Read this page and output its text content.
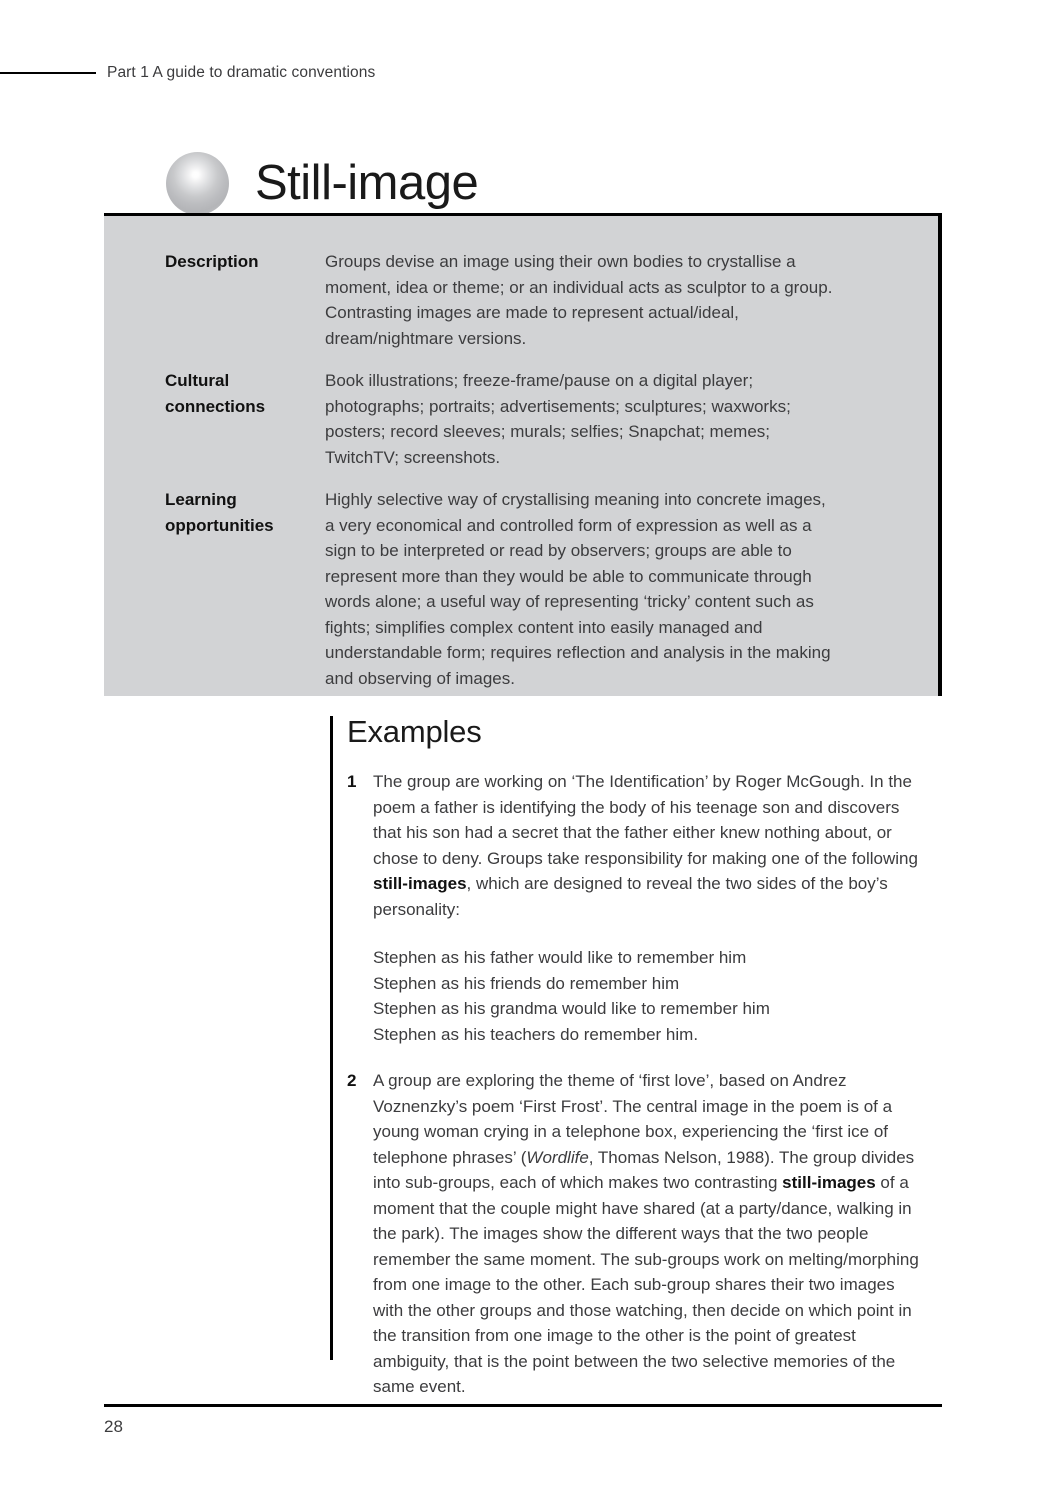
Part 1 A guide to dramatic conventions
Still-image
Description	Groups devise an image using their own bodies to crystallise a moment, idea or theme; or an individual acts as sculptor to a group. Contrasting images are made to represent actual/ideal, dream/nightmare versions.
Cultural connections
Book illustrations; freeze-frame/pause on a digital player; photographs; portraits; advertisements; sculptures; waxworks; posters; record sleeves; murals; selfies; Snapchat; memes; TwitchTV; screenshots.
Learning opportunities
Highly selective way of crystallising meaning into concrete images, a very economical and controlled form of expression as well as a sign to be interpreted or read by observers; groups are able to represent more than they would be able to communicate through words alone; a useful way of representing ‘tricky’ content such as fights; simplifies complex content into easily managed and understandable form; requires reflection and analysis in the making and observing of images.
Examples
1 The group are working on ‘The Identification’ by Roger McGough. In the poem a father is identifying the body of his teenage son and discovers that his son had a secret that the father either knew nothing about, or chose to deny. Groups take responsibility for making one of the following still-images, which are designed to reveal the two sides of the boy’s personality:

Stephen as his father would like to remember him
Stephen as his friends do remember him
Stephen as his grandma would like to remember him
Stephen as his teachers do remember him.

2 A group are exploring the theme of ‘first love’, based on Andrez Voznenzky’s poem ‘First Frost’. The central image in the poem is of a young woman crying in a telephone box, experiencing the ‘first ice of telephone phrases’ (Wordlife, Thomas Nelson, 1988). The group divides into sub-groups, each of which makes two contrasting still-images of a moment that the couple might have shared (at a party/dance, walking in the park). The images show the different ways that the two people remember the same moment. The sub-groups work on melting/morphing from one image to the other. Each sub-group shares their two images with the other groups and those watching, then decide on which point in the transition from one image to the other is the point of greatest ambiguity, that is the point between the two selective memories of the same event.

28
